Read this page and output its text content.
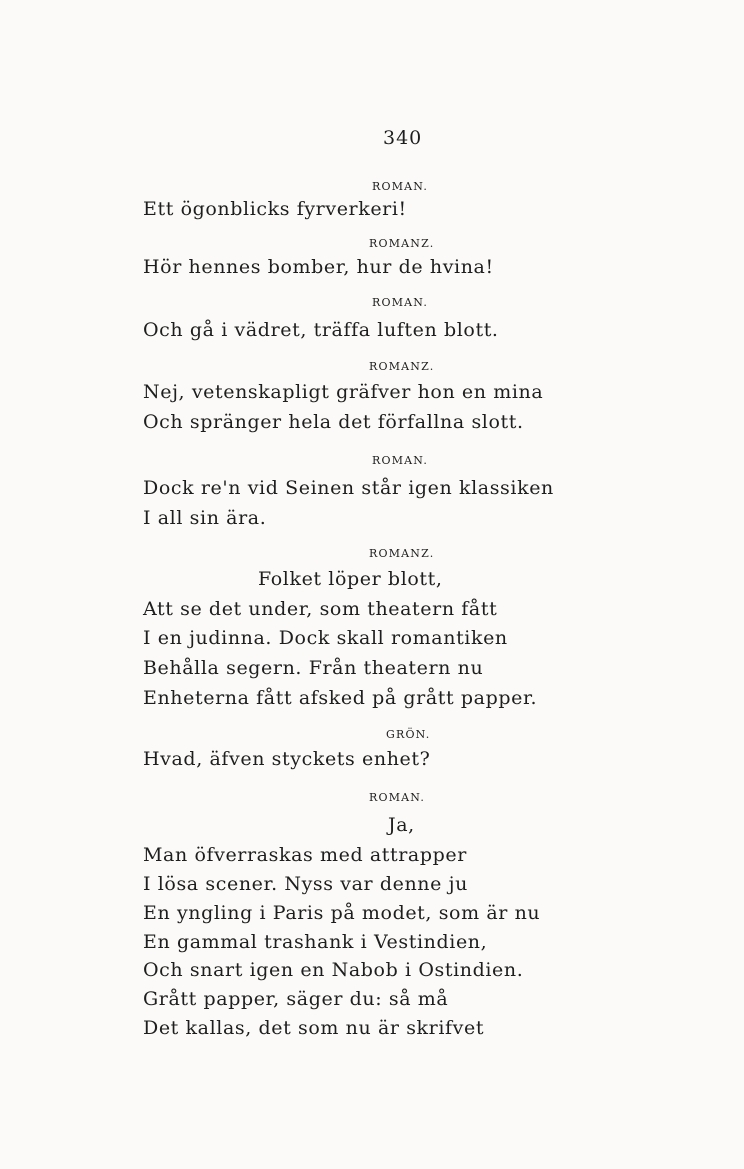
340
ROMAN.
Ett ögonblicks fyrverkeri!
ROMANZ.
Hör hennes bomber, hur de hvina!
ROMAN.
Och gå i vädret, träffa luften blott.
ROMANZ.
Nej, vetenskapligt gräfver hon en mina
Och spränger hela det förfallna slott.
ROMAN.
Dock re'n vid Seinen står igen klassiken
I all sin ära.
ROMANZ.
Folket löper blott,
Att se det under, som theatern fått
I en judinna. Dock skall romantiken
Behålla segern. Från theatern nu
Enheterna fått afsked på grått papper.
GRÖN.
Hvad, äfven styckets enhet?
ROMAN.
Ja,
Man öfverraskas med attrapper
I lösa scener. Nyss var denne ju
En yngling i Paris på modet, som är nu
En gammal trashank i Vestindien,
Och snart igen en Nabob i Ostindien.
Grått papper, säger du: så må
Det kallas, det som nu är skrifvet
